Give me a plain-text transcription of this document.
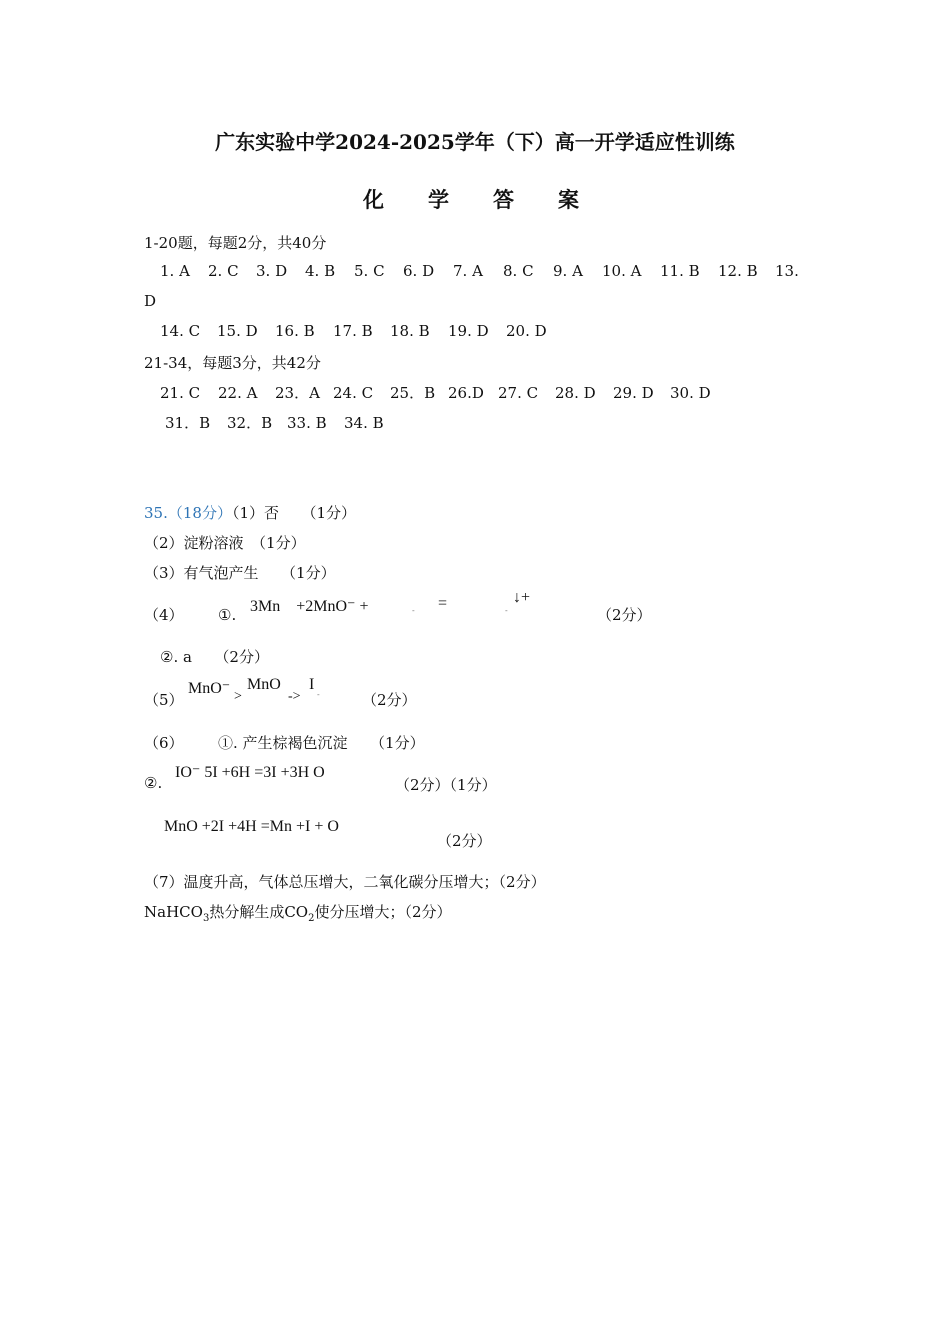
广东实验中学2024-2025学年（下）高一开学适应性训练
化学答案
1-20题，每题2分，共40分
1. A 2. C 3. D 4. B 5. C 6. D 7. A 8. C 9. A 10. A 11. B 12. B 13.
D
14. C 15. D 16. B 17. B 18. B 19. D 20. D
21-34，每题3分，共42分
21. C 22. A 23．A 24. C 25．B 26.D 27. C 28. D 29. D 30. D
31．B 32．B 33. B 34. B
35.（18分）（1）否　　（1分）
（2）淀粉溶液　（1分）
（3）有气泡产生　　（1分）
（4） ①. 3Mn　+2MnO⁻ +	- =	-
↓+
（2分）
②. a　　（2分）
（5）
MnO⁻ >
MnO
->
I
-	（2分）
（6） ①. 产生棕褐色沉淀　　（1分）
②.
IO⁻ 5I +6H =3I +3H O
（2分）（1分）
MnO +2I +4H =Mn +I + O
（2分）
（7）温度升高，气体总压增大，二氧化碳分压增大；（2分）
NaHCO$_3$热分解生成$CO_2$使分压增大；（2分）
